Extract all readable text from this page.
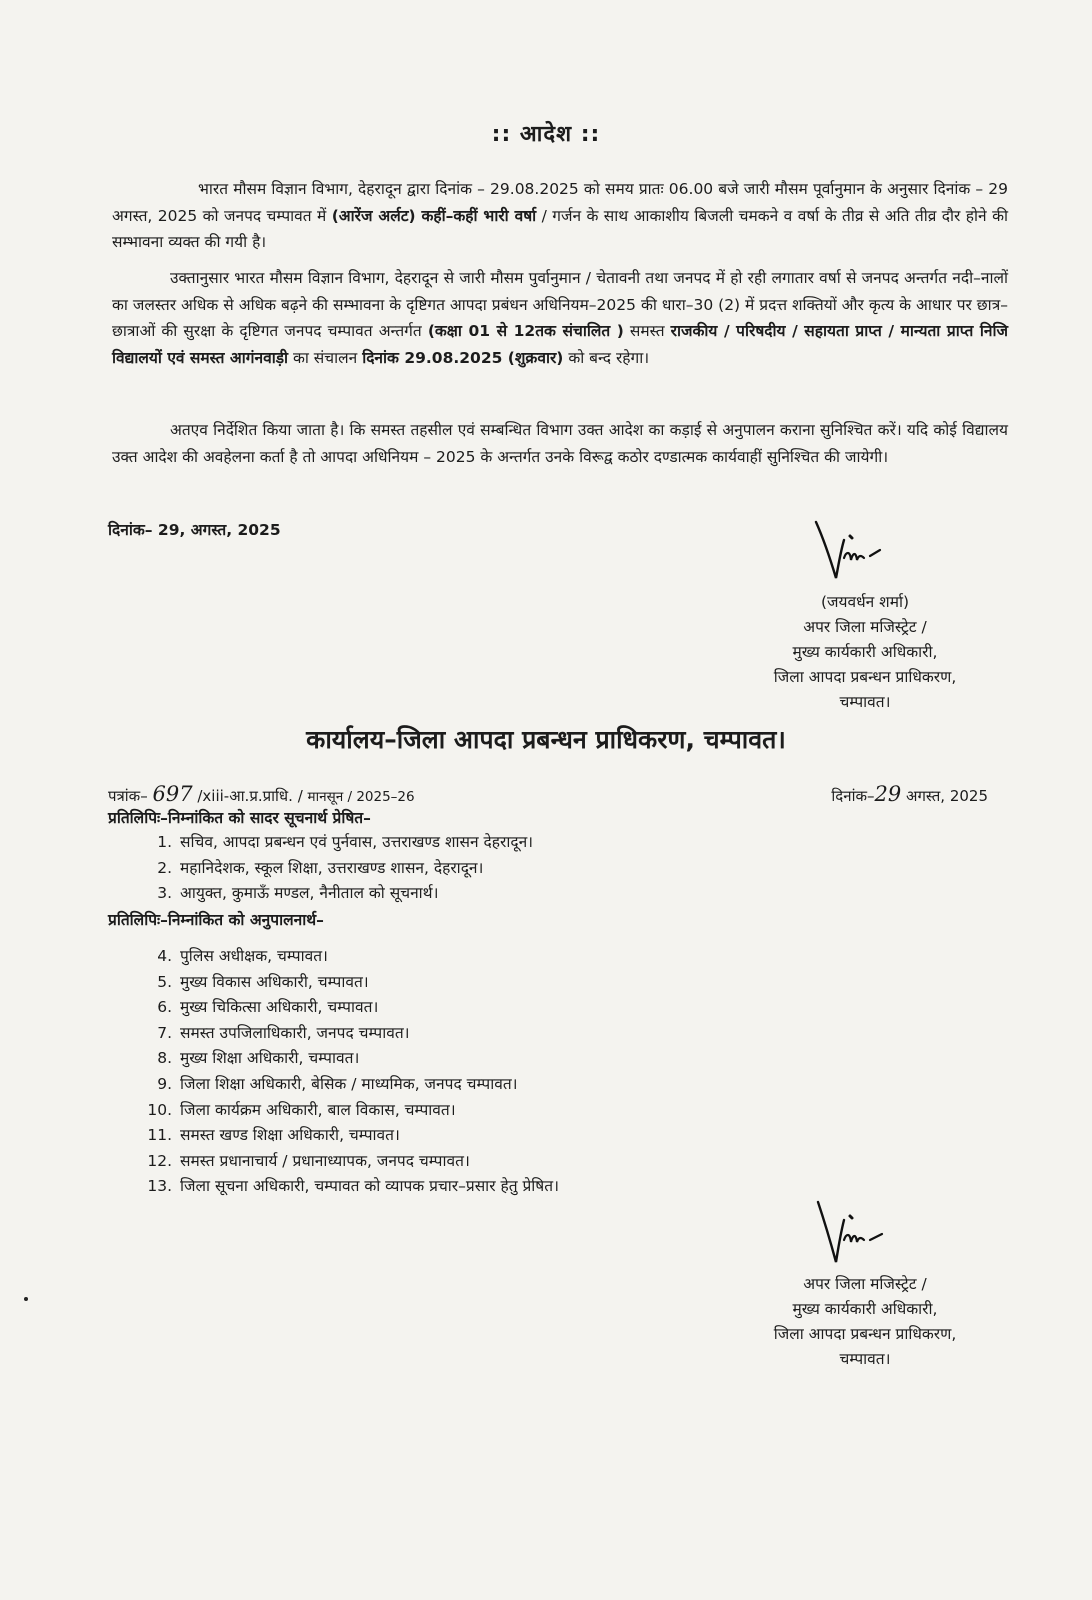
:: आदेश ::

भारत मौसम विज्ञान विभाग, देहरादून द्वारा दिनांक – 29.08.2025 को समय प्रातः 06.00 बजे जारी मौसम पूर्वानुमान के अनुसार दिनांक – 29 अगस्त, 2025 को जनपद चम्पावत में (आरेंज अर्लट) कहीं–कहीं भारी वर्षा / गर्जन के साथ आकाशीय बिजली चमकने व वर्षा के तीव्र से अति तीव्र दौर होने की सम्भावना व्यक्त की गयी है।

उक्तानुसार भारत मौसम विज्ञान विभाग, देहरादून से जारी मौसम पुर्वानुमान / चेतावनी तथा जनपद में हो रही लगातार वर्षा से जनपद अन्तर्गत नदी–नालों का जलस्तर अधिक से अधिक बढ़ने की सम्भावना के दृष्टिगत आपदा प्रबंधन अधिनियम–2025 की धारा–30 (2) में प्रदत्त शक्तियों और कृत्य के आधार पर छात्र–छात्राओं की सुरक्षा के दृष्टिगत जनपद चम्पावत अन्तर्गत (कक्षा 01 से 12तक संचालित ) समस्त राजकीय / परिषदीय / सहायता प्राप्त / मान्यता प्राप्त निजि विद्यालयों एवं समस्त आगंनवाड़ी का संचालन दिनांक 29.08.2025 (शुक्रवार) को बन्द रहेगा।

अतएव निर्देशित किया जाता है। कि समस्त तहसील एवं सम्बन्धित विभाग उक्त आदेश का कड़ाई से अनुपालन कराना सुनिश्चित करें। यदि कोई विद्यालय उक्त आदेश की अवहेलना कर्ता है तो आपदा अधिनियम – 2025 के अन्तर्गत उनके विरूद्व कठोर दण्डात्मक कार्यवाहीं सुनिश्चित की जायेगी।

दिनांक– 29, अगस्त, 2025
(जयवर्धन शर्मा)
अपर जिला मजिस्ट्रेट /
मुख्य कार्यकारी अधिकारी,
जिला आपदा प्रबन्धन प्राधिकरण,
चम्पावत।
कार्यालय–जिला आपदा प्रबन्धन प्राधिकरण, चम्पावत।
पत्रांक– 697 /xiii-आ.प्र.प्राधि. / मानसून / 2025–26	दिनांक–29 अगस्त, 2025
प्रतिलिपिः–निम्नांकित को सादर सूचनार्थ प्रेषित–
1. सचिव, आपदा प्रबन्धन एवं पुर्नवास, उत्तराखण्ड शासन देहरादून।
2. महानिदेशक, स्कूल शिक्षा, उत्तराखण्ड शासन, देहरादून।
3. आयुक्त, कुमाऊँ मण्डल, नैनीताल को सूचनार्थ।
प्रतिलिपिः–निम्नांकित को अनुपालनार्थ–
4. पुलिस अधीक्षक, चम्पावत।
5. मुख्य विकास अधिकारी, चम्पावत।
6. मुख्य चिकित्सा अधिकारी, चम्पावत।
7. समस्त उपजिलाधिकारी, जनपद चम्पावत।
8. मुख्य शिक्षा अधिकारी, चम्पावत।
9. जिला शिक्षा अधिकारी, बेसिक / माध्यमिक, जनपद चम्पावत।
10. जिला कार्यक्रम अधिकारी, बाल विकास, चम्पावत।
11. समस्त खण्ड शिक्षा अधिकारी, चम्पावत।
12. समस्त प्रधानाचार्य / प्रधानाध्यापक, जनपद चम्पावत।
13. जिला सूचना अधिकारी, चम्पावत को व्यापक प्रचार–प्रसार हेतु प्रेषित।
अपर जिला मजिस्ट्रेट /
मुख्य कार्यकारी अधिकारी,
जिला आपदा प्रबन्धन प्राधिकरण,
चम्पावत।
